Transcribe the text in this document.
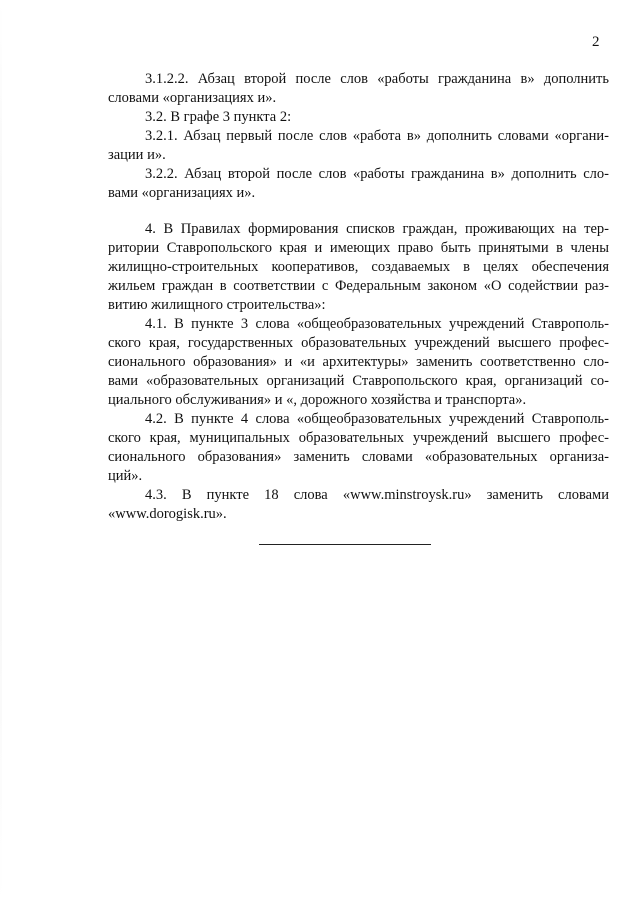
2
3.1.2.2. Абзац второй после слов «работы гражданина в» дополнить
словами «организациях и».
3.2. В графе 3 пункта 2:
3.2.1. Абзац первый после слов «работа в» дополнить словами «органи-
зации и».
3.2.2. Абзац второй после слов «работы гражданина в» дополнить сло-
вами «организациях и».
4. В Правилах формирования списков граждан, проживающих на тер-
ритории Ставропольского края и имеющих право быть принятыми в члены
жилищно-строительных кооперативов, создаваемых в целях обеспечения
жильем граждан в соответствии с Федеральным законом «О содействии раз-
витию жилищного строительства»:
4.1. В пункте 3 слова «общеобразовательных учреждений Ставрополь-
ского края, государственных образовательных учреждений высшего профес-
сионального образования» и «и архитектуры» заменить соответственно сло-
вами «образовательных организаций Ставропольского края, организаций со-
циального обслуживания» и «, дорожного хозяйства и транспорта».
4.2. В пункте 4 слова «общеобразовательных учреждений Ставрополь-
ского края, муниципальных образовательных учреждений высшего профес-
сионального образования» заменить словами «образовательных организа-
ций».
4.3. В пункте 18 слова «www.minstroysk.ru» заменить словами
«www.dorogisk.ru».
